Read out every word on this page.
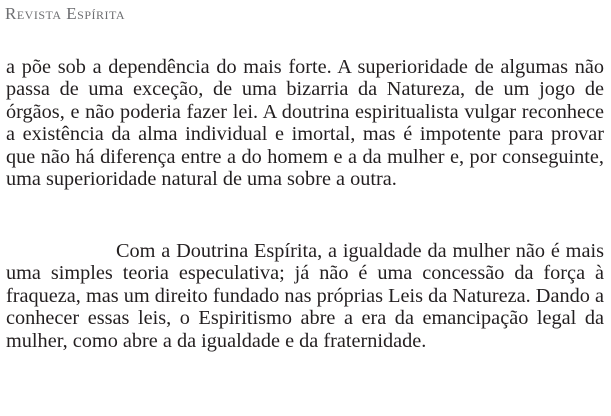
Revista Espírita

a põe sob a dependência do mais forte. A superioridade de algumas não passa de uma exceção, de uma bizarria da Natureza, de um jogo de órgãos, e não poderia fazer lei. A doutrina espiritualista vulgar reconhece a existência da alma individual e imortal, mas é impotente para provar que não há diferença entre a do homem e a da mulher e, por conseguinte, uma superioridade natural de uma sobre a outra.

Com a Doutrina Espírita, a igualdade da mulher não é mais uma simples teoria especulativa; já não é uma concessão da força à fraqueza, mas um direito fundado nas próprias Leis da Natureza. Dando a conhecer essas leis, o Espiritismo abre a era da emancipação legal da mulher, como abre a da igualdade e da fraternidade.
